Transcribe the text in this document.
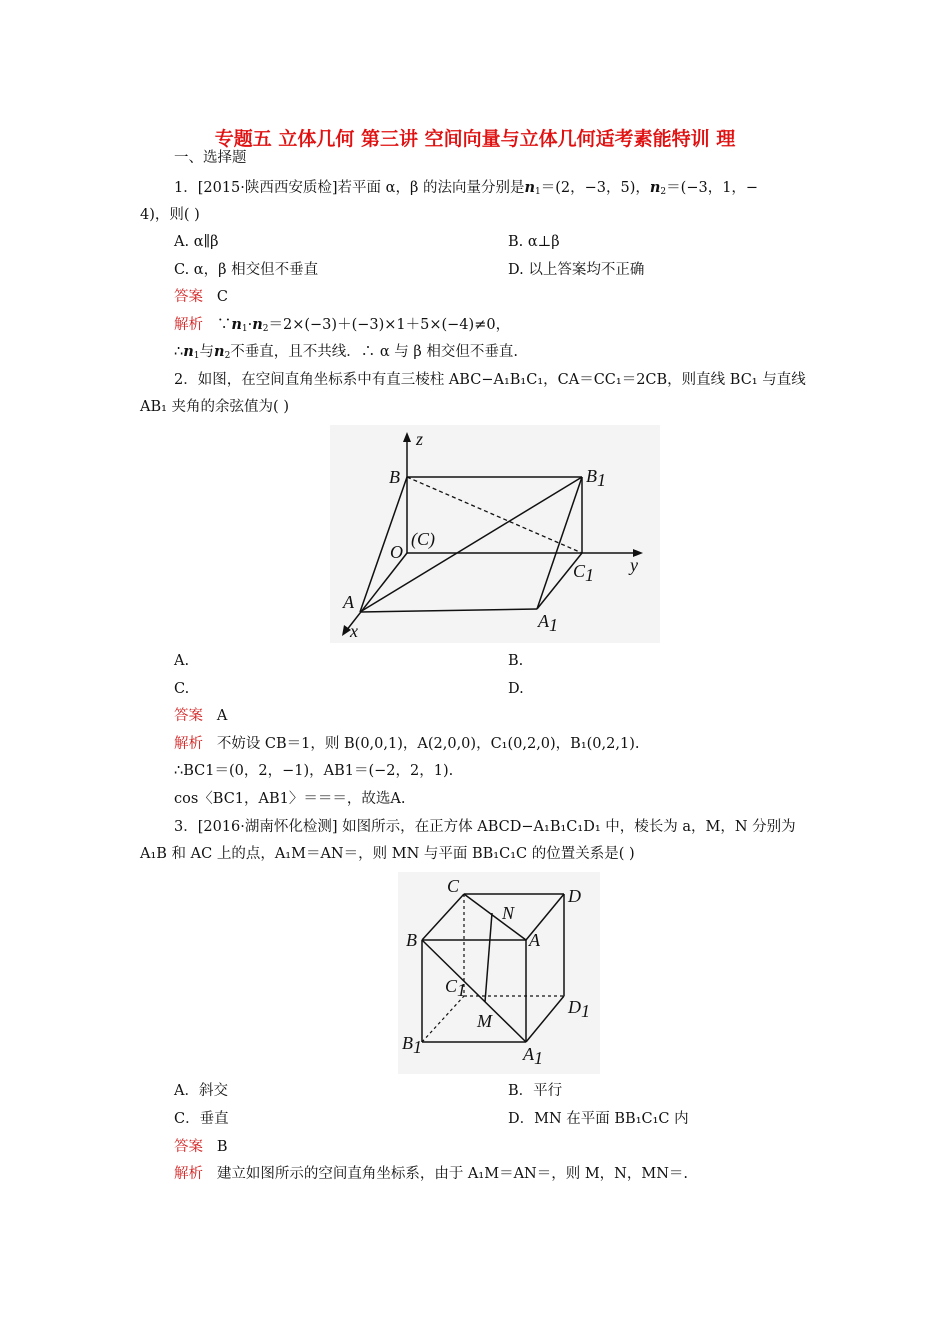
专题五 立体几何 第三讲 空间向量与立体几何适考素能特训 理
一、选择题
1．[2015·陕西西安质检]若平面 α，β 的法向量分别是$n_1=(2$，−3，5)，$n_2=(-3$，1，−
4)，则( )
A. α∥β	B. α⊥β
C. α，β 相交但不垂直	D. 以上答案均不正确
答案 C
解析 $\because n_1\cdot n_2=2\times(-3)+(-3)\times 1+5\times(-4)\ne 0$，
$\therefore n_1$与$n_2$不垂直，且不共线．∴ α 与 β 相交但不垂直.
2．如图，在空间直角坐标系中有直三棱柱 ABC−A₁B₁C₁，CA＝CC₁＝2CB，则直线 BC₁ 与直线
AB₁ 夹角的余弦值为( )
z
y
x
B	B1
O
(C)
C1
A
A1
A.	B.
C.	D.
答案 A
解析 不妨设 CB＝1，则 B(0,0,1)，A(2,0,0)，C₁(0,2,0)，B₁(0,2,1).
∴BC1＝(0，2，−1)，AB1＝(−2，2，1).
cos〈BC1，AB1〉＝＝＝，故选A.
3．[2016·湖南怀化检测] 如图所示，在正方体 ABCD−A₁B₁C₁D₁ 中，棱长为 a，M，N 分别为
A₁B 和 AC 上的点，A₁M＝AN＝，则 MN 与平面 BB₁C₁C 的位置关系是( )
C	D
N
B	A
C1
D1
M
B1	A1
A．斜交	B．平行
C．垂直	D．MN 在平面 BB₁C₁C 内
答案 B
解析 建立如图所示的空间直角坐标系，由于 A₁M＝AN＝，则 M，N，MN＝.
